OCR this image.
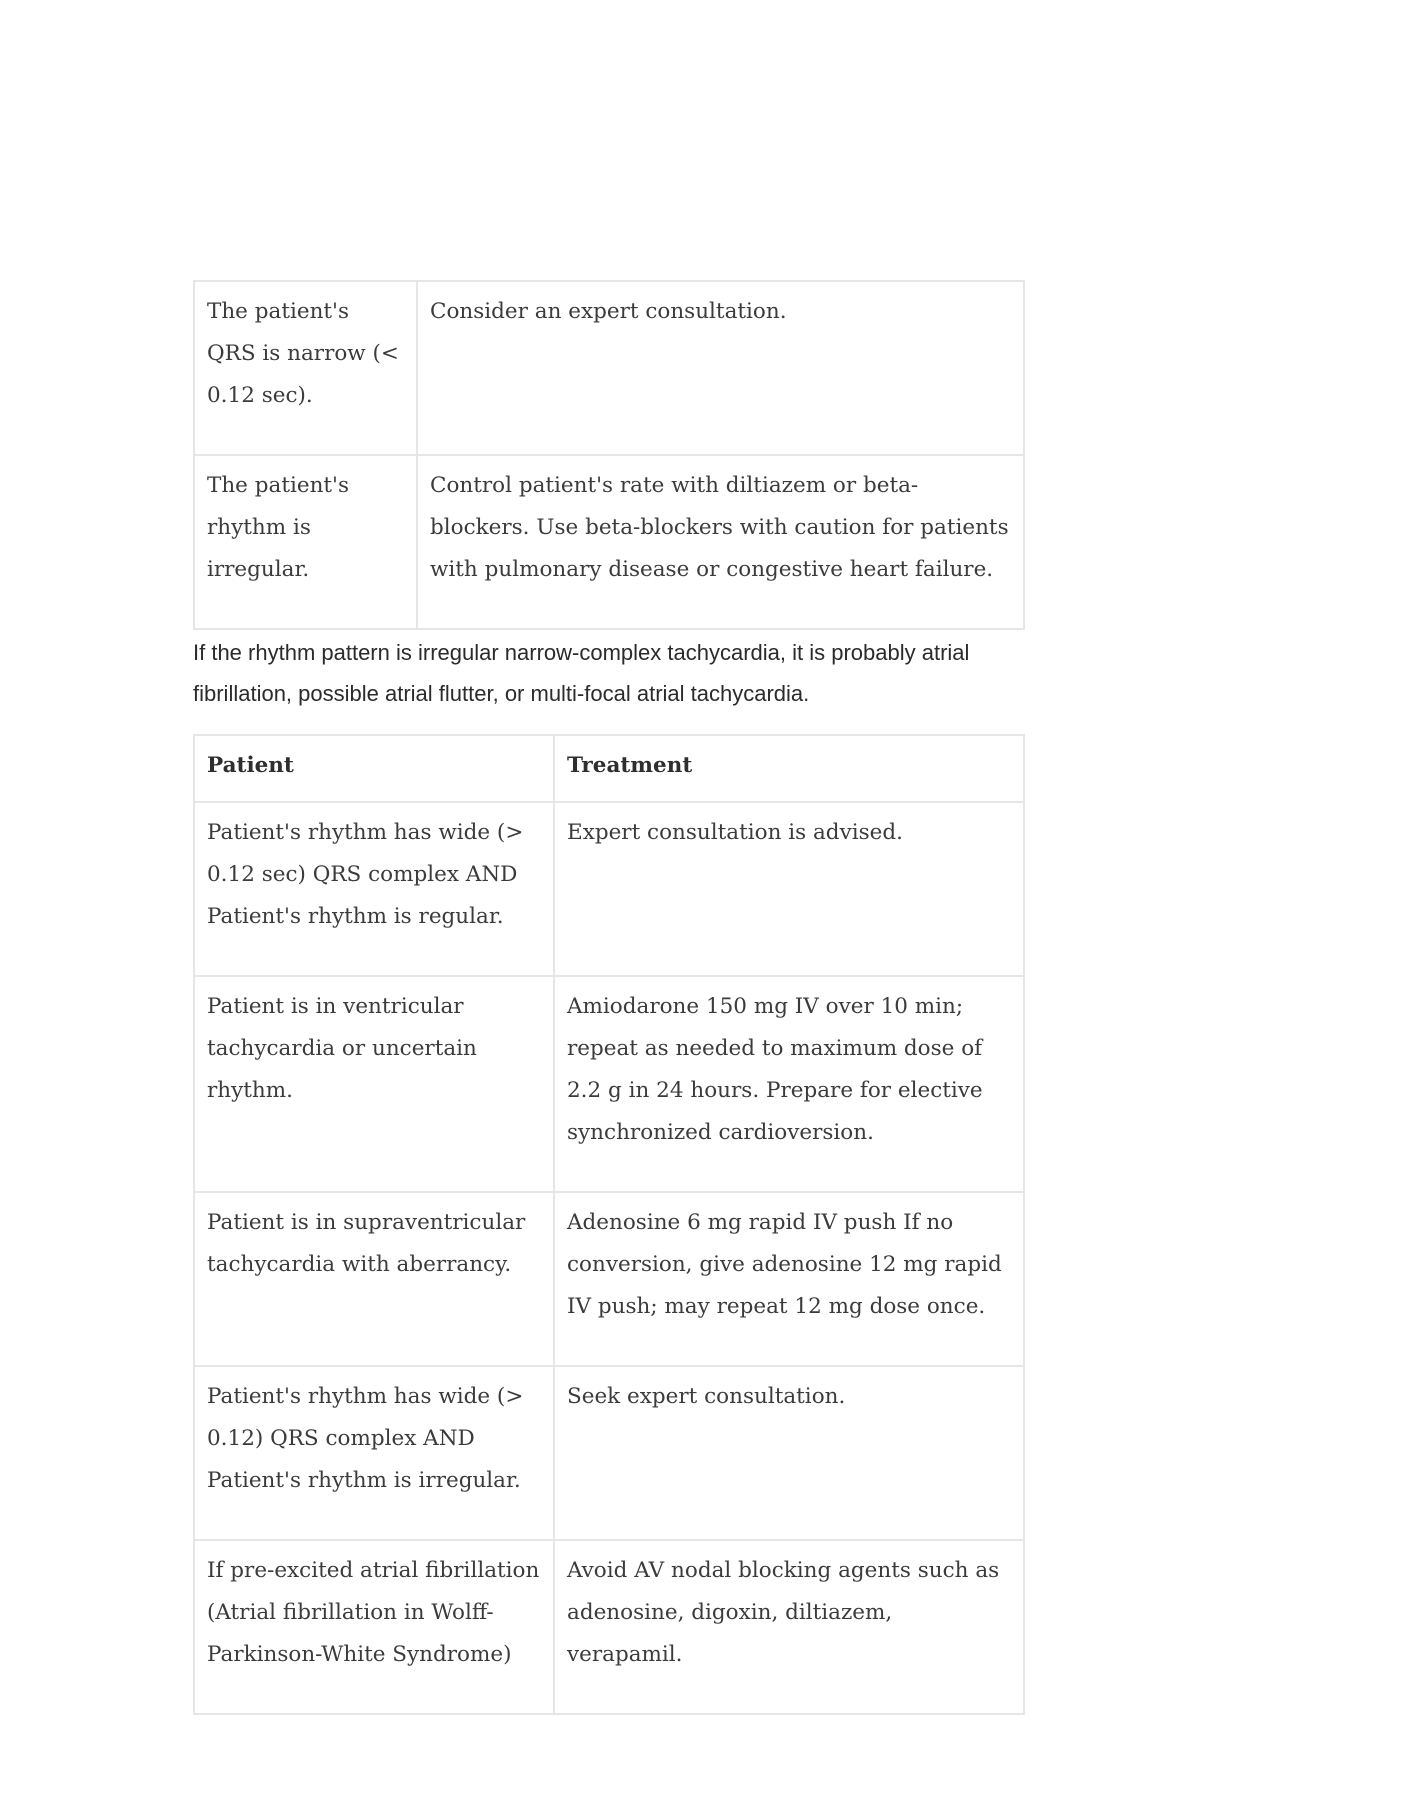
The patient's QRS is narrow (< 0.12 sec).	Consider an expert consultation.
The patient's rhythm is irregular.	Control patient's rate with diltiazem or beta-blockers. Use beta-blockers with caution for patients with pulmonary disease or congestive heart failure.

If the rhythm pattern is irregular narrow-complex tachycardia, it is probably atrial fibrillation, possible atrial flutter, or multi-focal atrial tachycardia.

Patient	Treatment
Patient's rhythm has wide (> 0.12 sec) QRS complex AND Patient's rhythm is regular.	Expert consultation is advised.
Patient is in ventricular tachycardia or uncertain rhythm.	Amiodarone 150 mg IV over 10 min; repeat as needed to maximum dose of 2.2 g in 24 hours. Prepare for elective synchronized cardioversion.
Patient is in supraventricular tachycardia with aberrancy.	Adenosine 6 mg rapid IV push If no conversion, give adenosine 12 mg rapid IV push; may repeat 12 mg dose once.
Patient's rhythm has wide (> 0.12) QRS complex AND Patient's rhythm is irregular.	Seek expert consultation.
If pre-excited atrial fibrillation (Atrial fibrillation in Wolff-Parkinson-White Syndrome)	Avoid AV nodal blocking agents such as adenosine, digoxin, diltiazem, verapamil.
